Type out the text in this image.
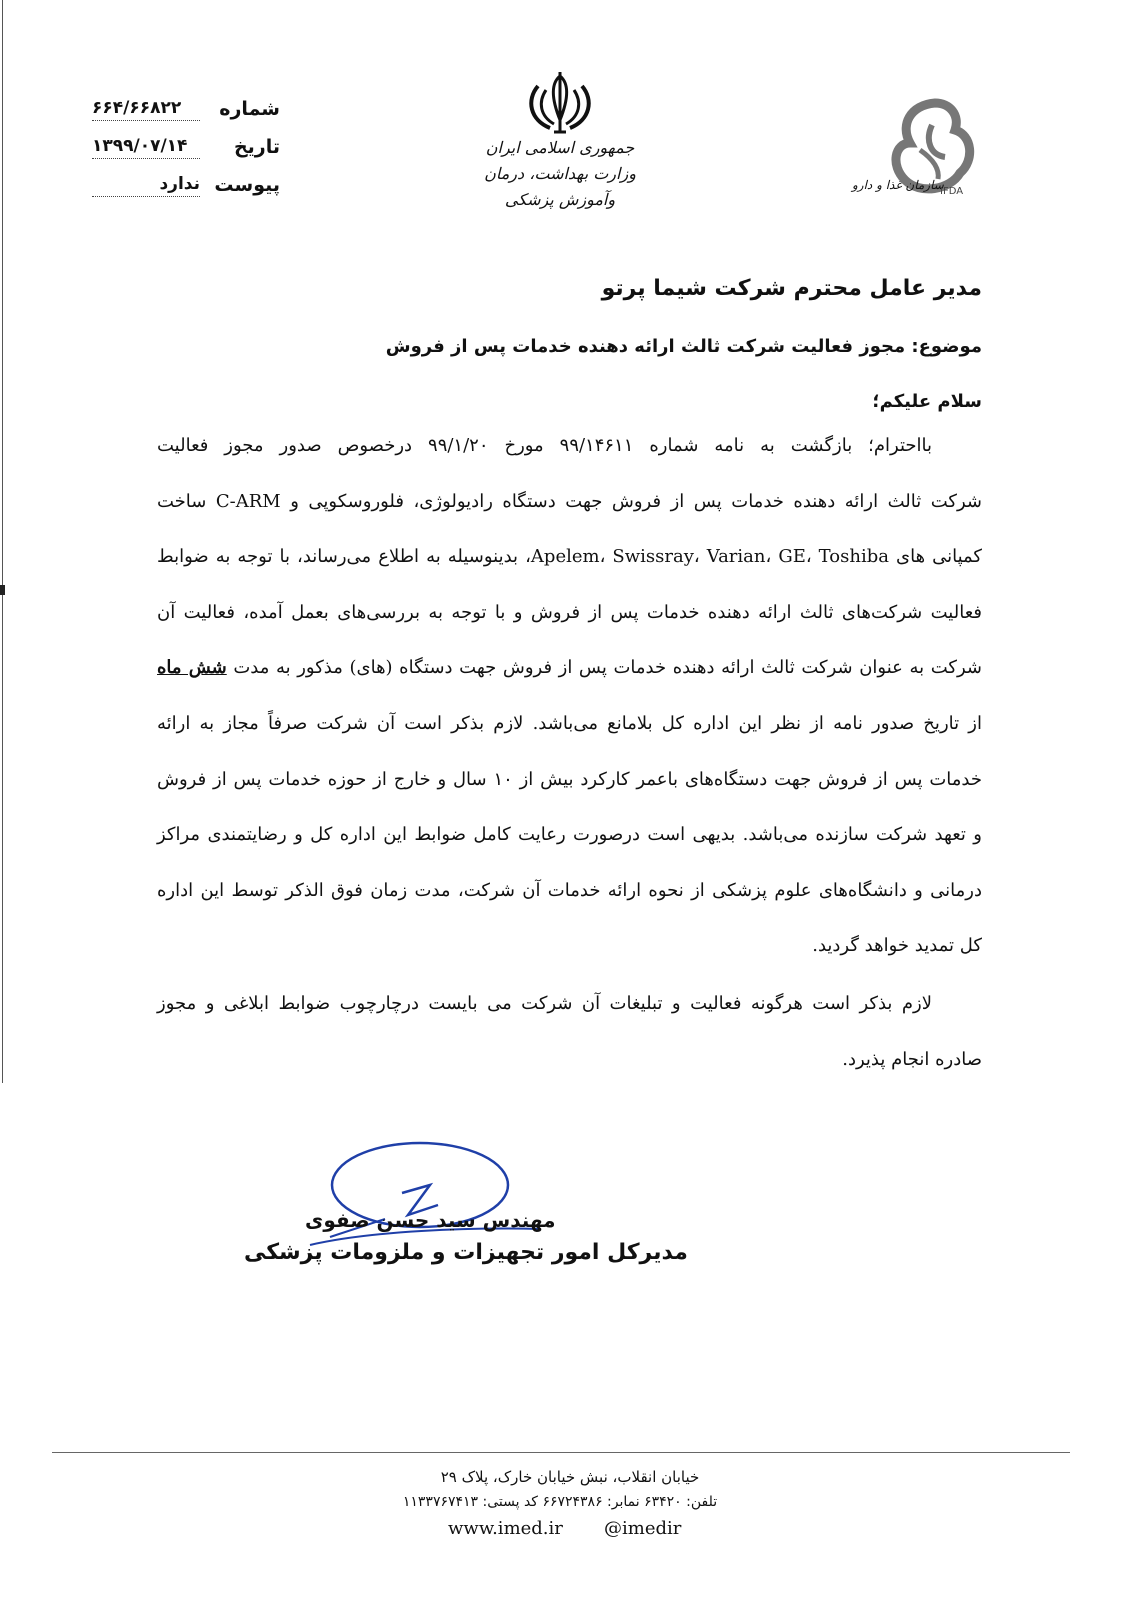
۶۶۴/۶۶۸۲۲	شماره
۱۳۹۹/۰۷/۱۴	تاریخ
ندارد پیوست
جمهوری اسلامی ایران
وزارت بهداشت، درمان وآموزش پزشکی
سازمان غذا و دارو
IFDA
مدیر عامل محترم شرکت شیما پرتو
موضوع: مجوز فعالیت شرکت ثالث ارائه دهنده خدمات پس از فروش
سلام علیکم؛
بااحترام؛ بازگشت به نامه شماره ۹۹/۱۴۶۱۱ مورخ ۹۹/۱/۲۰ درخصوص صدور مجوز فعالیت
شرکت ثالث ارائه دهنده خدمات پس از فروش جهت دستگاه رادیولوژی، فلوروسکوپی و C-ARM ساخت
کمپانی های Apelem، Swissray، Varian، GE، Toshiba، بدینوسیله به اطلاع می‌رساند، با توجه به ضوابط
فعالیت شرکت‌های ثالث ارائه دهنده خدمات پس از فروش و با توجه به بررسی‌های بعمل آمده، فعالیت آن
شرکت به عنوان شرکت ثالث ارائه دهنده خدمات پس از فروش جهت دستگاه (های) مذکور به مدت شش ماه
از تاریخ صدور نامه از نظر این اداره کل بلامانع می‌باشد. لازم بذکر است آن شرکت صرفاً مجاز به ارائه
خدمات پس از فروش جهت دستگاه‌های باعمر کارکرد بیش از ۱۰ سال و خارج از حوزه خدمات پس از فروش
و تعهد شرکت سازنده می‌باشد. بدیهی است درصورت رعایت کامل ضوابط این اداره کل و رضایتمندی مراکز
درمانی و دانشگاه‌های علوم پزشکی از نحوه ارائه خدمات آن شرکت، مدت زمان فوق الذکر توسط این اداره
کل تمدید خواهد گردید.
لازم بذکر است هرگونه فعالیت و تبلیغات آن شرکت می بایست درچارچوب ضوابط ابلاغی و مجوز
صادره انجام پذیرد.
مهندس سید حسن صفوی
مدیرکل امور تجهیزات و ملزومات پزشکی
خیابان انقلاب، نبش خیابان خارک، پلاک ۲۹
تلفن: ۶۳۴۲۰ نمابر: ۶۶۷۲۴۳۸۶ کد پستی: ۱۱۳۳۷۶۷۴۱۳
www.imed.ir @imedir
